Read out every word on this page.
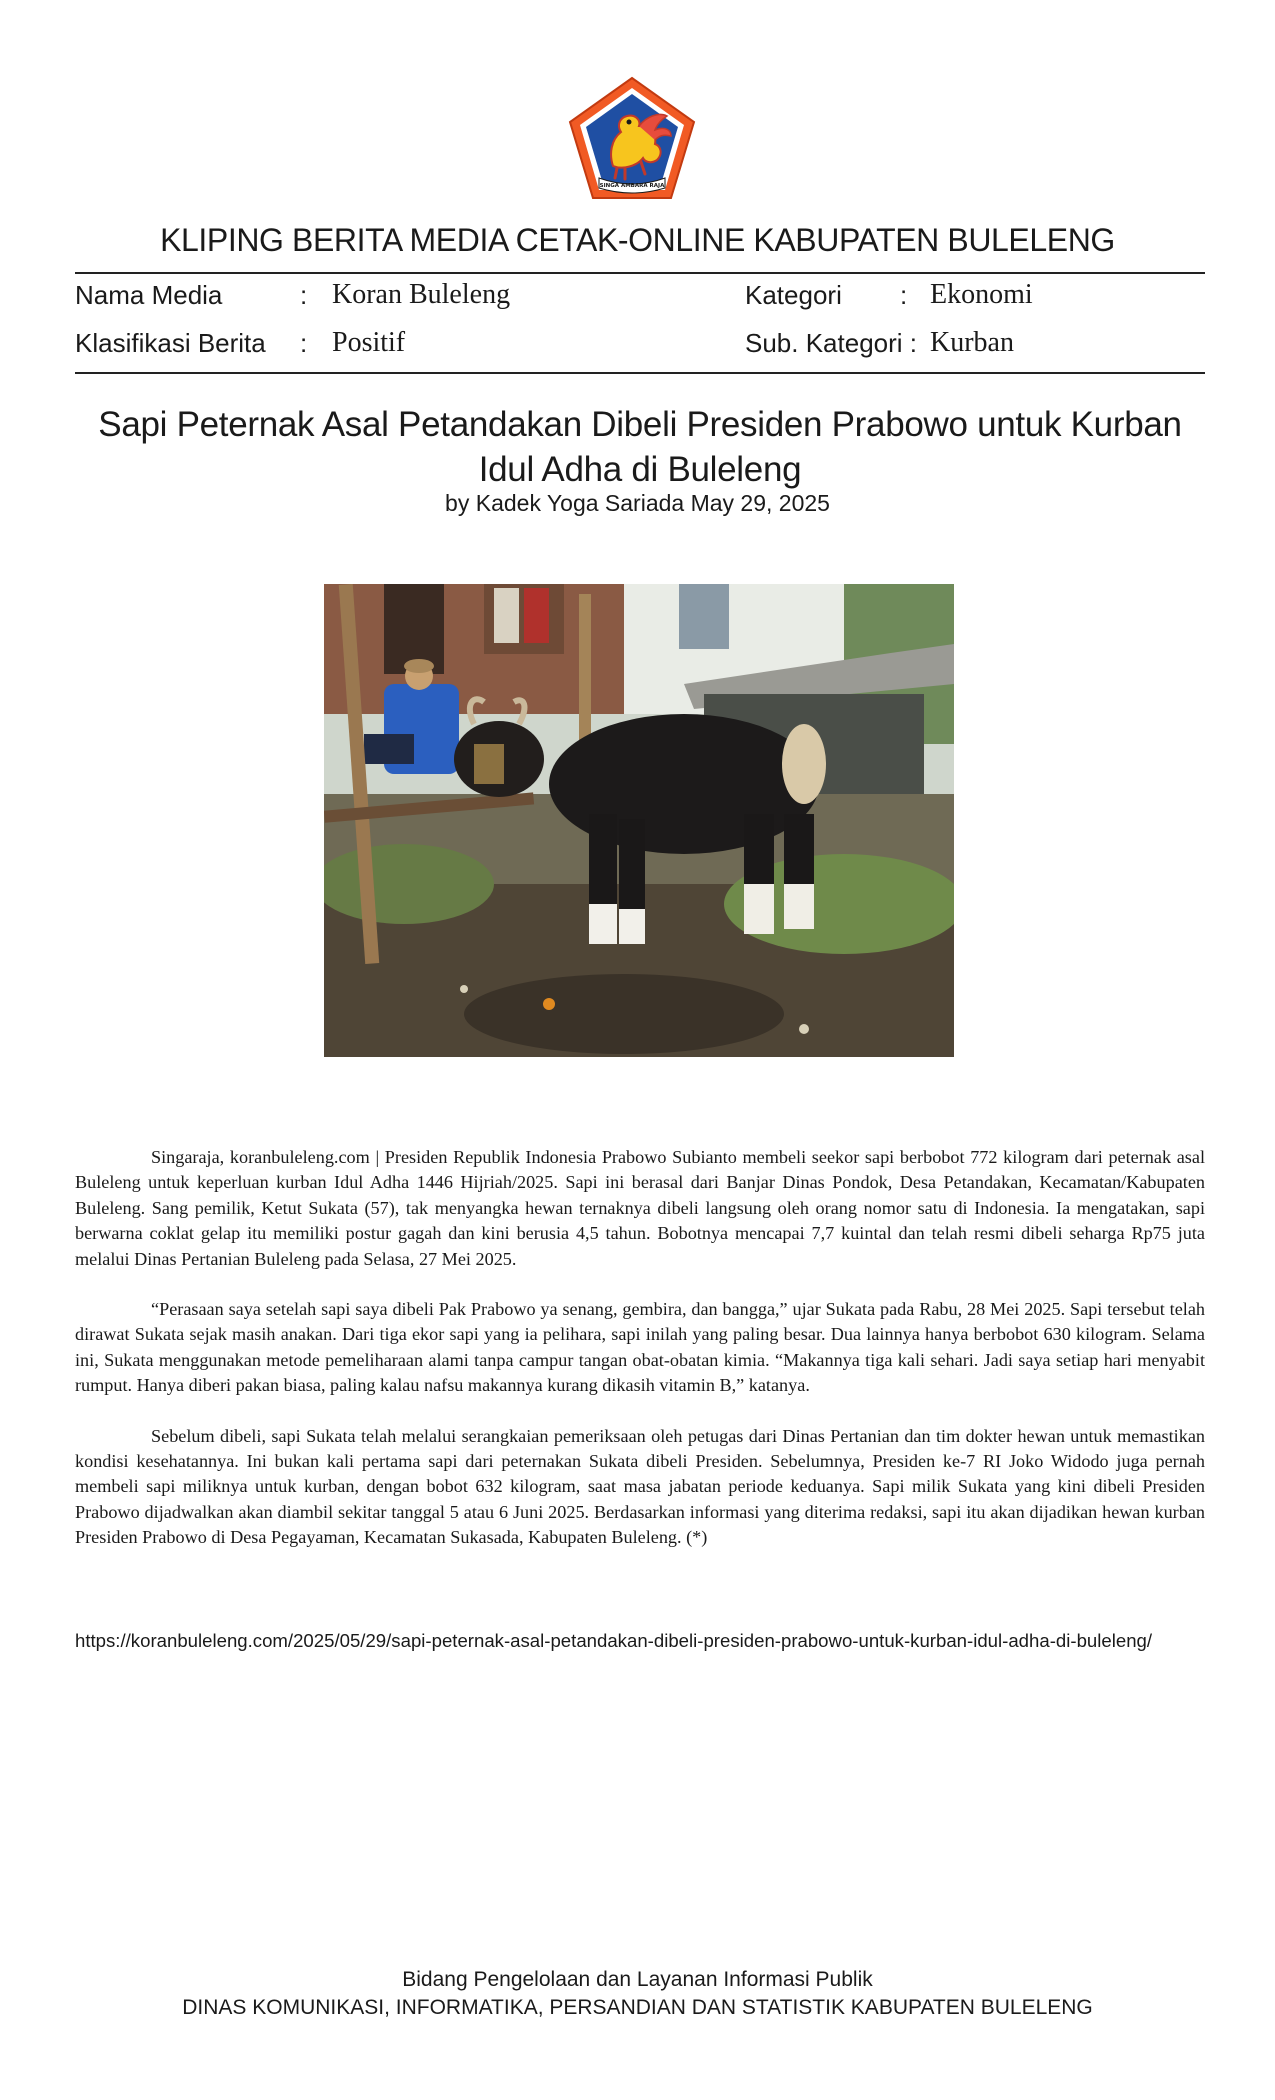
SINGA AMBARA RAJA
KLIPING BERITA MEDIA CETAK-ONLINE KABUPATEN BULELENG
Nama Media	: Koran Buleleng
Klasifikasi Berita : Positif
Kategori : Ekonomi
Sub. Kategori : Kurban
Sapi Peternak Asal Petandakan Dibeli Presiden Prabowo untuk Kurban Idul Adha di Buleleng
by Kadek Yoga Sariada May 29, 2025

Singaraja, koranbuleleng.com | Presiden Republik Indonesia Prabowo Subianto membeli seekor sapi berbobot 772 kilogram dari peternak asal Buleleng untuk keperluan kurban Idul Adha 1446 Hijriah/2025. Sapi ini berasal dari Banjar Dinas Pondok, Desa Petandakan, Kecamatan/Kabupaten Buleleng. Sang pemilik, Ketut Sukata (57), tak menyangka hewan ternaknya dibeli langsung oleh orang nomor satu di Indonesia. Ia mengatakan, sapi berwarna coklat gelap itu memiliki postur gagah dan kini berusia 4,5 tahun. Bobotnya mencapai 7,7 kuintal dan telah resmi dibeli seharga Rp75 juta melalui Dinas Pertanian Buleleng pada Selasa, 27 Mei 2025.

“Perasaan saya setelah sapi saya dibeli Pak Prabowo ya senang, gembira, dan bangga,” ujar Sukata pada Rabu, 28 Mei 2025. Sapi tersebut telah dirawat Sukata sejak masih anakan. Dari tiga ekor sapi yang ia pelihara, sapi inilah yang paling besar. Dua lainnya hanya berbobot 630 kilogram. Selama ini, Sukata menggunakan metode pemeliharaan alami tanpa campur tangan obat-obatan kimia. “Makannya tiga kali sehari. Jadi saya setiap hari menyabit rumput. Hanya diberi pakan biasa, paling kalau nafsu makannya kurang dikasih vitamin B,” katanya.

Sebelum dibeli, sapi Sukata telah melalui serangkaian pemeriksaan oleh petugas dari Dinas Pertanian dan tim dokter hewan untuk memastikan kondisi kesehatannya. Ini bukan kali pertama sapi dari peternakan Sukata dibeli Presiden. Sebelumnya, Presiden ke-7 RI Joko Widodo juga pernah membeli sapi miliknya untuk kurban, dengan bobot 632 kilogram, saat masa jabatan periode keduanya. Sapi milik Sukata yang kini dibeli Presiden Prabowo dijadwalkan akan diambil sekitar tanggal 5 atau 6 Juni 2025. Berdasarkan informasi yang diterima redaksi, sapi itu akan dijadikan hewan kurban Presiden Prabowo di Desa Pegayaman, Kecamatan Sukasada, Kabupaten Buleleng. (*)

https://koranbuleleng.com/2025/05/29/sapi-peternak-asal-petandakan-dibeli-presiden-prabowo-untuk-kurban-idul-adha-di-buleleng/
Bidang Pengelolaan dan Layanan Informasi Publik
DINAS KOMUNIKASI, INFORMATIKA, PERSANDIAN DAN STATISTIK KABUPATEN BULELENG
